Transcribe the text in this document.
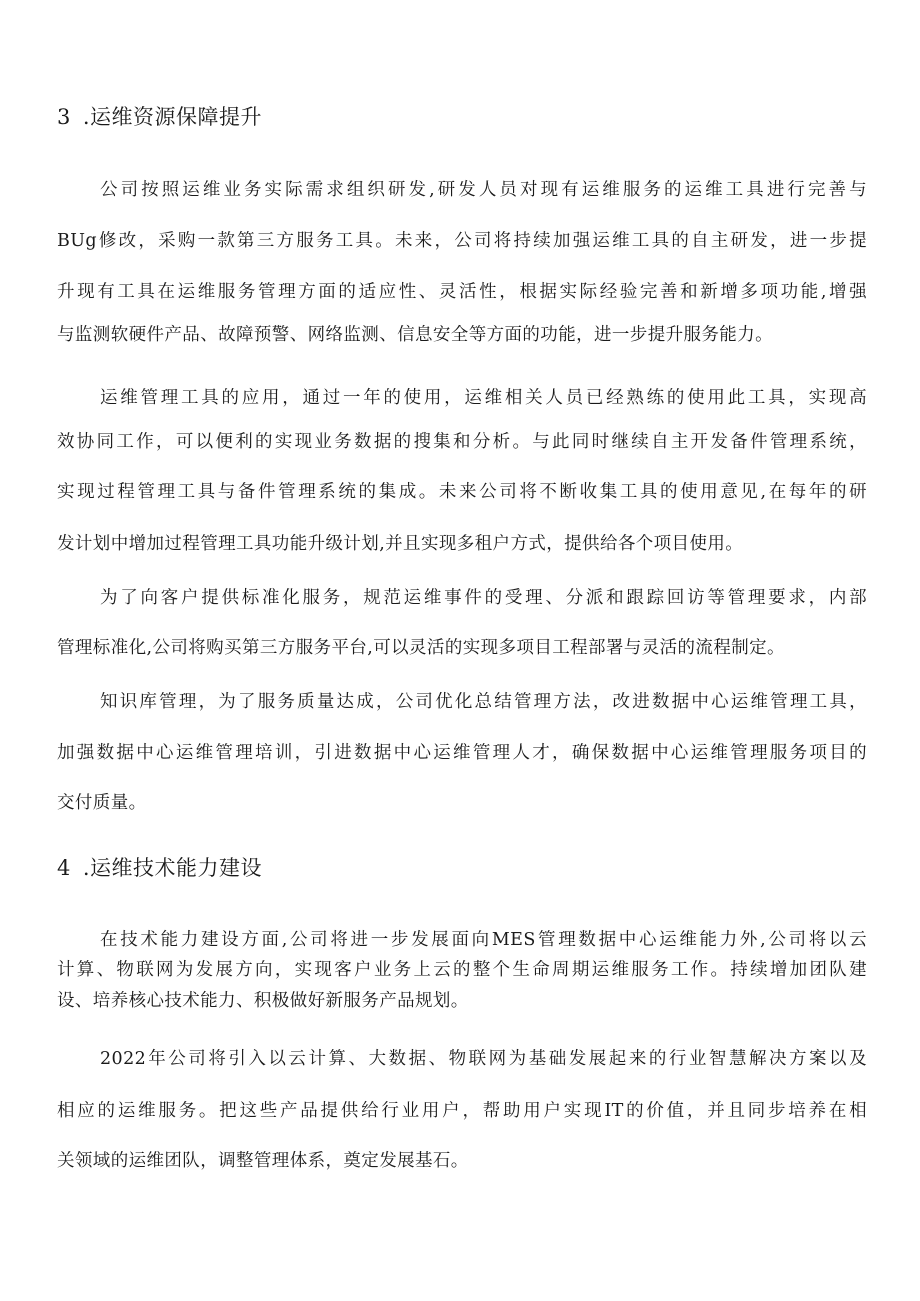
3 .运维资源保障提升
公司按照运维业务实际需求组织研发,研发人员对现有运维服务的运维工具进行完善与
BUg修改，采购一款第三方服务工具。未来，公司将持续加强运维工具的自主研发，进一步提
升现有工具在运维服务管理方面的适应性、灵活性，根据实际经验完善和新增多项功能,增强
与监测软硬件产品、故障预警、网络监测、信息安全等方面的功能，进一步提升服务能力。
运维管理工具的应用，通过一年的使用，运维相关人员已经熟练的使用此工具，实现高
效协同工作，可以便利的实现业务数据的搜集和分析。与此同时继续自主开发备件管理系统，
实现过程管理工具与备件管理系统的集成。未来公司将不断收集工具的使用意见,在每年的研
发计划中增加过程管理工具功能升级计划,并且实现多租户方式，提供给各个项目使用。
为了向客户提供标准化服务，规范运维事件的受理、分派和跟踪回访等管理要求，内部
管理标准化,公司将购买第三方服务平台,可以灵活的实现多项目工程部署与灵活的流程制定。
知识库管理，为了服务质量达成，公司优化总结管理方法，改进数据中心运维管理工具，
加强数据中心运维管理培训，引进数据中心运维管理人才，确保数据中心运维管理服务项目的
交付质量。
4 .运维技术能力建设
在技术能力建设方面,公司将进一步发展面向MES管理数据中心运维能力外,公司将以云
计算、物联网为发展方向，实现客户业务上云的整个生命周期运维服务工作。持续增加团队建
设、培养核心技术能力、积极做好新服务产品规划。
2022年公司将引入以云计算、大数据、物联网为基础发展起来的行业智慧解决方案以及
相应的运维服务。把这些产品提供给行业用户，帮助用户实现IT的价值，并且同步培养在相
关领域的运维团队，调整管理体系，奠定发展基石。
